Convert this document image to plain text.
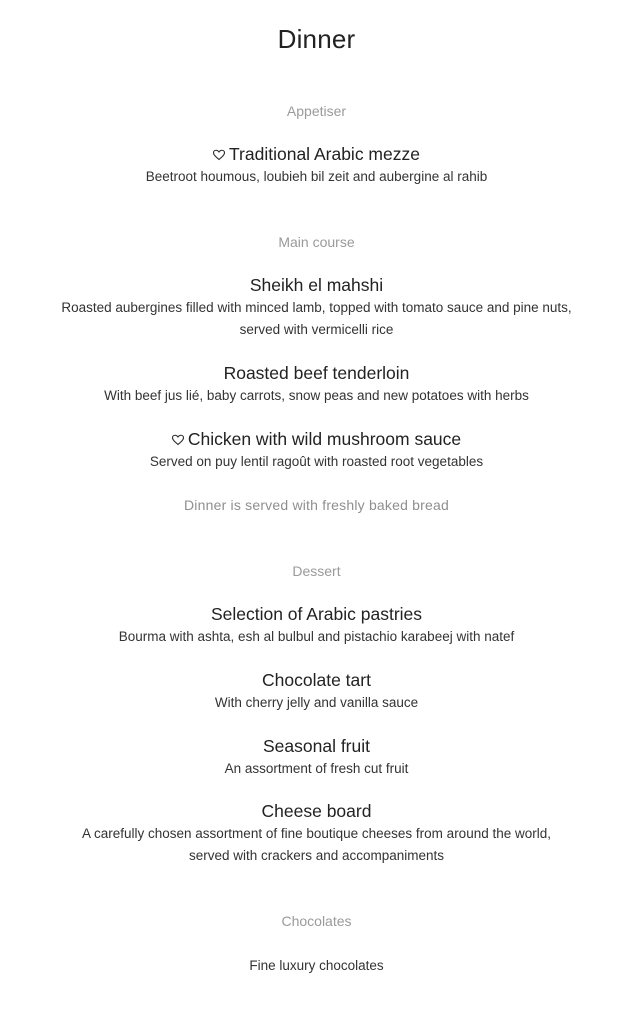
Dinner
Appetiser
Traditional Arabic mezze
Beetroot houmous, loubieh bil zeit and aubergine al rahib
Main course
Sheikh el mahshi
Roasted aubergines filled with minced lamb, topped with tomato sauce and pine nuts,
served with vermicelli rice
Roasted beef tenderloin
With beef jus lié, baby carrots, snow peas and new potatoes with herbs
Chicken with wild mushroom sauce
Served on puy lentil ragoût with roasted root vegetables
Dinner is served with freshly baked bread
Dessert
Selection of Arabic pastries
Bourma with ashta, esh al bulbul and pistachio karabeej with natef
Chocolate tart
With cherry jelly and vanilla sauce
Seasonal fruit
An assortment of fresh cut fruit
Cheese board
A carefully chosen assortment of fine boutique cheeses from around the world,
served with crackers and accompaniments
Chocolates
Fine luxury chocolates
